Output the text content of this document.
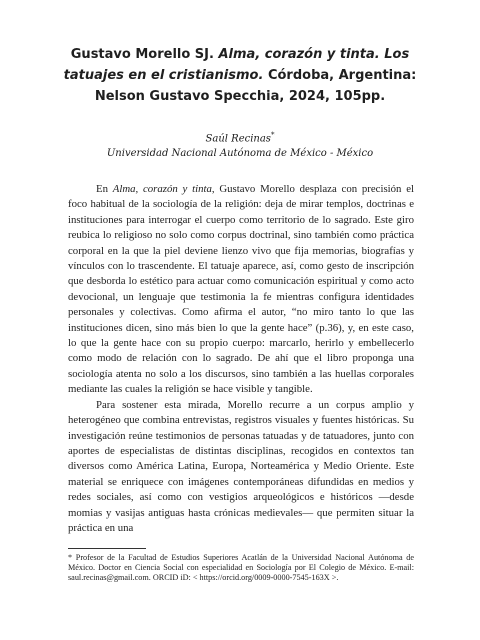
Gustavo Morello SJ. Alma, corazón y tinta. Los tatuajes en el cristianismo. Córdoba, Argentina: Nelson Gustavo Specchia, 2024, 105pp.
Saúl Recinas*
Universidad Nacional Autónoma de México - México

En Alma, corazón y tinta, Gustavo Morello desplaza con precisión el foco habitual de la sociología de la religión: deja de mirar templos, doctrinas e instituciones para interrogar el cuerpo como territorio de lo sagrado. Este giro reubica lo religioso no solo como corpus doctrinal, sino también como práctica corporal en la que la piel deviene lienzo vivo que fija memorias, biografías y vínculos con lo trascendente. El tatuaje aparece, así, como gesto de inscripción que desborda lo estético para actuar como comunicación espiritual y como acto devocional, un lenguaje que testimonia la fe mientras configura identidades personales y colectivas. Como afirma el autor, “no miro tanto lo que las instituciones dicen, sino más bien lo que la gente hace” (p.36), y, en este caso, lo que la gente hace con su propio cuerpo: marcarlo, herirlo y embellecerlo como modo de relación con lo sagrado. De ahí que el libro proponga una sociología atenta no solo a los discursos, sino también a las huellas corporales mediante las cuales la religión se hace visible y tangible.

Para sostener esta mirada, Morello recurre a un corpus amplio y heterogéneo que combina entrevistas, registros visuales y fuentes históricas. Su investigación reúne testimonios de personas tatuadas y de tatuadores, junto con aportes de especialistas de distintas disciplinas, recogidos en contextos tan diversos como América Latina, Europa, Norteamérica y Medio Oriente. Este material se enriquece con imágenes contemporáneas difundidas en medios y redes sociales, así como con vestigios arqueológicos e históricos —desde momias y vasijas antiguas hasta crónicas medievales— que permiten situar la práctica en una

* Profesor de la Facultad de Estudios Superiores Acatlán de la Universidad Nacional Autónoma de México. Doctor en Ciencia Social con especialidad en Sociología por El Colegio de México. E-mail: saul.recinas@gmail.com. ORCID iD: < https://orcid.org/0009-0000-7545-163X >.
